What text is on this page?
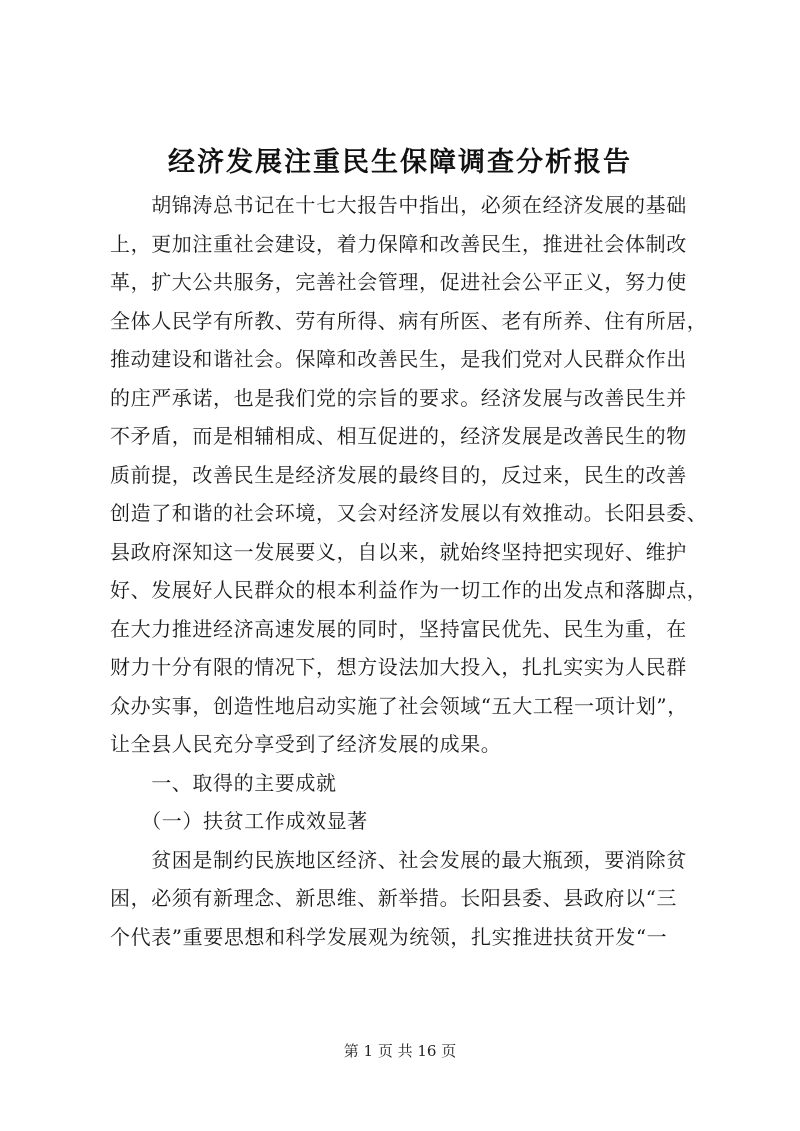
经济发展注重民生保障调查分析报告
　　胡锦涛总书记在十七大报告中指出，必须在经济发展的基础
上，更加注重社会建设，着力保障和改善民生，推进社会体制改
革，扩大公共服务，完善社会管理，促进社会公平正义，努力使
全体人民学有所教、劳有所得、病有所医、老有所养、住有所居，
推动建设和谐社会。保障和改善民生，是我们党对人民群众作出
的庄严承诺，也是我们党的宗旨的要求。经济发展与改善民生并
不矛盾，而是相辅相成、相互促进的，经济发展是改善民生的物
质前提，改善民生是经济发展的最终目的，反过来，民生的改善
创造了和谐的社会环境，又会对经济发展以有效推动。长阳县委、
县政府深知这一发展要义，自以来，就始终坚持把实现好、维护
好、发展好人民群众的根本利益作为一切工作的出发点和落脚点，
在大力推进经济高速发展的同时，坚持富民优先、民生为重，在
财力十分有限的情况下，想方设法加大投入，扎扎实实为人民群
众办实事，创造性地启动实施了社会领域“五大工程一项计划”，
让全县人民充分享受到了经济发展的成果。
　　一、取得的主要成就
　　（一）扶贫工作成效显著
　　贫困是制约民族地区经济、社会发展的最大瓶颈，要消除贫
困，必须有新理念、新思维、新举措。长阳县委、县政府以“三
个代表”重要思想和科学发展观为统领，扎实推进扶贫开发“一
第 1 页 共 16 页
